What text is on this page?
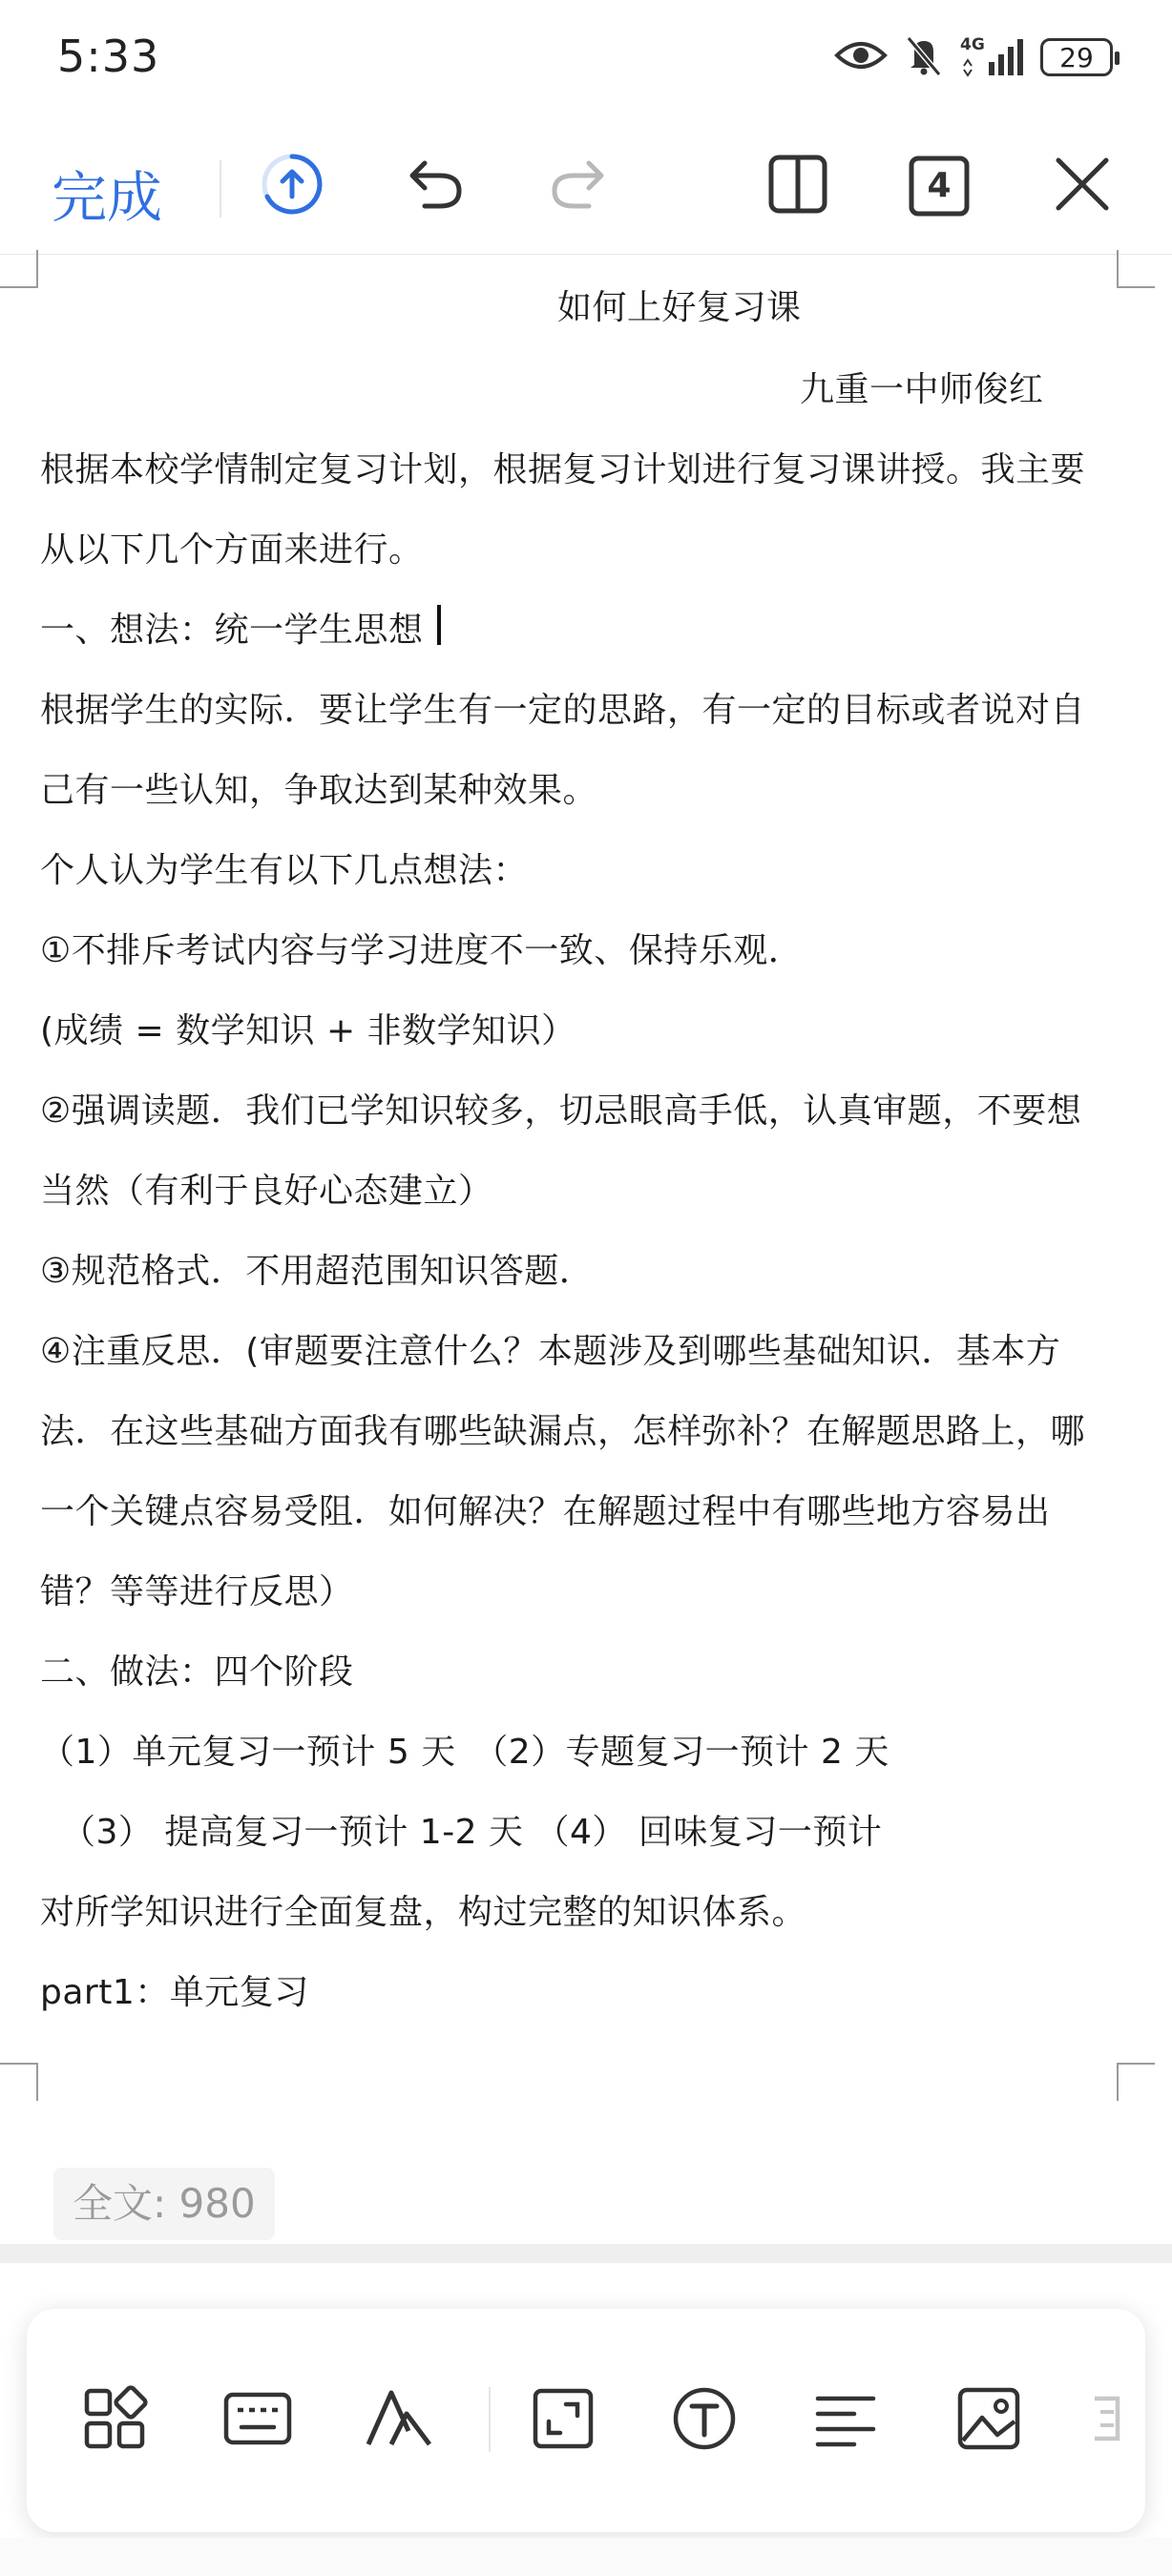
5:33	4G	29
完成	4
如何上好复习课
九重一中师俊红
根据本校学情制定复习计划，根据复习计划进行复习课讲授。我主要
从以下几个方面来进行。
一、想法：统一学生思想
根据学生的实际．要让学生有一定的思路，有一定的目标或者说对自
己有一些认知，争取达到某种效果。
个人认为学生有以下几点想法：
①不排斥考试内容与学习进度不一致、保持乐观．
(成绩 = 数学知识 + 非数学知识）
②强调读题．我们已学知识较多，切忌眼高手低，认真审题，不要想
当然（有利于良好心态建立）
③规范格式．不用超范围知识答题．
④注重反思．(审题要注意什么？本题涉及到哪些基础知识．基本方
法．在这些基础方面我有哪些缺漏点，怎样弥补？在解题思路上，哪
一个关键点容易受阻．如何解决？在解题过程中有哪些地方容易出
错？等等进行反思）
二、做法：四个阶段
（1）单元复习一预计 5 天　（2）专题复习一预计 2 天
（3） 提高复习一预计 1-2 天 （4） 回味复习一预计
对所学知识进行全面复盘，构过完整的知识体系。
part1：单元复习
全文: 980
